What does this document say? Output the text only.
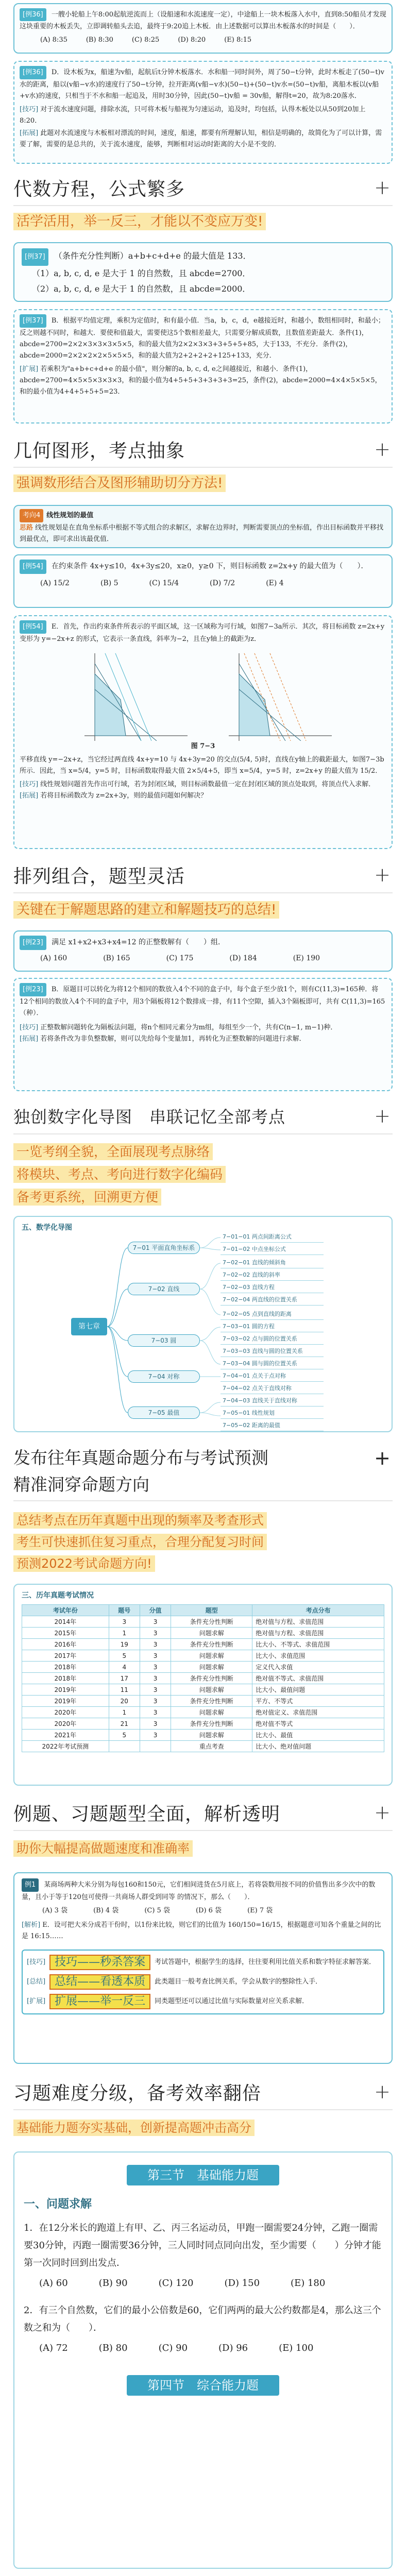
[例36] 一艘小轮船上午8:00起航逆流而上（设船速和水流速度一定），中途船上一块木板落入水中，直到8:50船员才发现这块重要的木板丢失，立即调转船头去追，最终于9:20追上木板．由上述数据可以算出木板落水的时间是（　　）．
(A) 8:35	(B) 8:30	(C) 8:25	(D) 8:20	(E) 8:15
[例36] D．设木板为x，船速为v船，起航后t分钟木板落水．水和船一同时间外，周了50−t分钟，此时木板走了(50−t)v水的距离，船以(v船−v水)的速度行了50−t分钟，拉开距离(v船−v水)(50−t)+(50−t)v水=(50−t)v船，离船木板以(v船+v水)的速度，只相当于不水和船一起追及，用时30分钟，因此(50−t)v船 = 30v船，解得t=20，故为8:20落水．
[技巧] 对于流水速度问题，排除水流，只可将木板与船视为匀速运动，追及时，均包括，认得木板处以从50到20加上8:20．
[拓展] 此题对水流速度与木板相对漂流的时间，速度，船速，都要有所理解认知，相信是明确的，故简化为了可以计算，需要了解，需要的是总共的，关于流水速度，能够，判断相对运动时距离的大小是不变的．
代数方程，公式繁多	+
活学活用，举一反三，才能以不变应万变!
[例37] （条件充分性判断）a+b+c+d+e 的最大值是 133．
（1）a, b, c, d, e 是大于 1 的自然数，且 abcde=2700．
（2）a, b, c, d, e 是大于 1 的自然数，且 abcde=2000．
[例37] B．根据平均值定理，乘积为定值时，和有最小值．当a，b，c，d，e越接近时，和越小，数组相同时，和最小；反之则越不同时，和越大．要使和值最大，需要使这5个数相差最大，只需要分解成质数，且数值差距最大．条件(1)，abcde=2700=2×2×3×3×3×5×5，和的最大值为2×2×3×3+3+5+5+85，大于133，不充分．条件(2)，abcde=2000=2×2×2×2×5×5×5，和的最大值为2+2+2+2+125+133，充分．
[扩展] 若乘积为"a+b+c+d+e 的最小值"，则分解的a, b, c, d, e之间越接近，和越小．条件(1)，abcde=2700=4×5×5×3×3×3，和的最小值为4+5+5+3+3+3+3=25，条件(2)，abcde=2000=4×4×5×5×5，和的最小值为4+4+5+5+5=23．
几何图形，考点抽象	+
强调数形结合及图形辅助切分方法!
考向4 线性规划的最值
思路 线性规划是在直角坐标系中根据不等式组合的求解区，求解在边界时，判断需要顶点的坐标值，作出目标函数并平移找到最优点，即可求出该最优值．
[例54] 在约束条件 4x+y≤10，4x+3y≤20，x≥0，y≥0 下，则目标函数 z=2x+y 的最大值为（　　）．
(A) 15/2	(B) 5	(C) 15/4	(D) 7/2	(E) 4
[例54] E．首先，作出约束条件所表示的平面区域，这一区域称为可行域，如图7−3a所示．其次，将目标函数 z=2x+y 变形为 y=−2x+z 的形式，它表示一条直线，斜率为−2，且在y轴上的截距为z．
图 7−3
平移直线 y=−2x+z，当它经过两直线 4x+y=10 与 4x+3y=20 的交点(5/4, 5)时，直线在y轴上的截距最大，如图7−3b所示．因此，当 x=5/4，y=5 时，目标函数取得最大值 2×5/4+5，即当 x=5/4，y=5 时，z=2x+y 的最大值为 15/2．
[技巧] 线性规划问题首先作出可行域，若为封闭区域，则目标函数最值一定在封闭区域的顶点处取到，将顶点代入求解．
[拓展] 若将目标函数改为 z=2x+3y，则的最值问题如何解决？
排列组合，题型灵活	+
关键在于解题思路的建立和解题技巧的总结!
[例23] 满足 x1+x2+x3+x4=12 的正整数解有（　　）组．
(A) 160	(B) 165	(C) 175	(D) 184	(E) 190
[例23] B．原题目可以转化为将12个相同的数放入4个不同的盒子中，每个盒子至少放1个，则有C(11,3)=165种．将12个相同的数放入4个不同的盒子中，用3个隔板将12个数排成一排，有11个空隙，插入3个隔板即可，共有 C(11,3)=165（种）．
[技巧] 正整数解问题转化为隔板法问题，将n个相同元素分为m组，每组至少一个，共有C(n−1, m−1)种．
[拓展] 若将条件改为非负整数解，则可以先给每个变量加1，再转化为正整数解的问题进行求解．
独创数字化导图　串联记忆全部考点	+
一览考纲全貌，全面展现考点脉络
将模块、考点、考向进行数字化编码
备考更系统，回溯更方便
五、数学化导图
第七章
7−01 平面直角坐标系
7−02 直线
7−03 圆
7−04 对称
7−05 最值
7−01−01 两点间距离公式
7−01−02 中点坐标公式
7−02−01 直线的倾斜角
7−02−02 直线的斜率
7−02−03 直线方程
7−02−04 两直线的位置关系
7−02−05 点到直线的距离
7−03−01 圆的方程
7−03−02 点与圆的位置关系
7−03−03 直线与圆的位置关系
7−03−04 圆与圆的位置关系
7−04−01 点关于点对称
7−04−02 点关于直线对称
7−04−03 直线关于直线对称
7−05−01 线性规划
7−05−02 距离的最值
发布往年真题命题分布与考试预测
精准洞穿命题方向
+
总结考点在历年真题中出现的频率及考查形式
考生可快速抓住复习重点，合理分配复习时间
预测2022考试命题方向!
三、历年真题考试情况
考试年份	题号	分值	题型	考点分布
2014年	3	3	条件充分性判断	绝对值与方程、求值范围
2015年	1	3	问题求解	绝对值与方程、求值范围
2016年	19	3	条件充分性判断	比大小、不等式、求值范围
2017年	5	3	问题求解	比大小、求值范围
2018年	4	3	问题求解	定义代入求值
2018年	17	3	条件充分性判断	绝对值不等式、求值范围
2019年	11	3	问题求解	比大小、最值问题
2019年	20	3	条件充分性判断	平方、不等式
2020年	1	3	问题求解	绝对值定义、求值范围
2020年	21	3	条件充分性判断	绝对值不等式
2021年	5	3	问题求解	比大小、最值
2022年考试预测			重点考查	比大小、绝对值问题
例题、习题题型全面，解析透明	+
助你大幅提高做题速度和准确率
例1 某商场两种大米分别为每包160和150元，它们相间进货在5月底上，若将袋数用按不同的价值售出多少次中的数量，且小于等于120包可使得一共商场人群受到同等 的情况下，那么（　　）．
(A) 3 袋	(B) 4 袋	(C) 5 袋	(D) 6 袋	(E) 7 袋
[解析] E．设可把大米分成若干份时，以1份来比较，则它们的比值为 160/150=16/15，根据题意可知各个重量之间的比是 16:15……
[技巧] 技巧——秒杀答案	考试答题中，根据学生的选择，往往要利用比值关系和数字特征求解答案．
[总结] 总结——看透本质	此类题目一般考查比例关系，学会从数字的整除性入手．
[扩展] 扩展——举一反三	同类题型还可以通过比值与实际数量对应关系求解．
习题难度分级，备考效率翻倍	+
基础能力题夯实基础，创新提高题冲击高分
第三节　基础能力题
一、问题求解
1．在12分米长的跑道上有甲、乙、丙三名运动员，甲跑一圈需要24分钟，乙跑一圈需要30分钟，丙跑一圈需要36分钟，三人同时同点同向出发，至少需要（　　）分钟才能第一次同时回到出发点．
(A) 60	(B) 90	(C) 120	(D) 150	(E) 180
2．有三个自然数，它们的最小公倍数是60，它们两两的最大公约数都是4，那么这三个数之和为（　　）．
(A) 72	(B) 80	(C) 90	(D) 96	(E) 100
第四节　综合能力题
